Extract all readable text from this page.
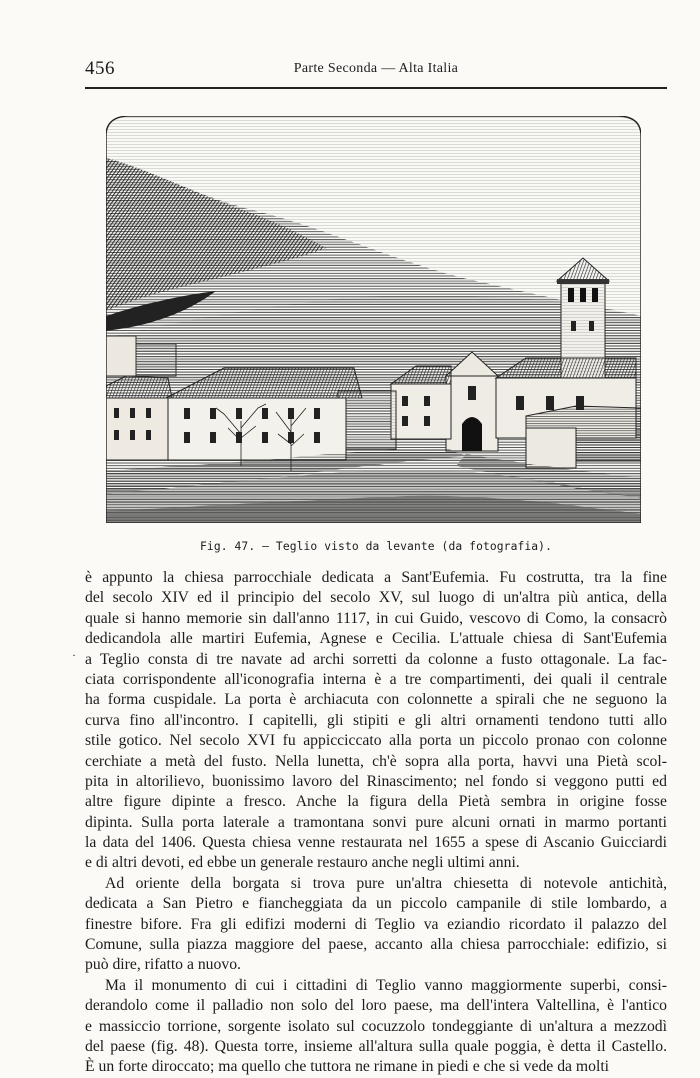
456	Parte Seconda — Alta Italia
Fig. 47. — Teglio visto da levante (da fotografia).
·
è appunto la chiesa parrocchiale dedicata a Sant'Eufemia. Fu costrutta, tra la fine
del secolo XIV ed il principio del secolo XV, sul luogo di un'altra più antica, della
quale si hanno memorie sin dall'anno 1117, in cui Guido, vescovo di Como, la consacrò
dedicandola alle martiri Eufemia, Agnese e Cecilia. L'attuale chiesa di Sant'Eufemia
a Teglio consta di tre navate ad archi sorretti da colonne a fusto ottagonale. La fac-
ciata corrispondente all'iconografia interna è a tre compartimenti, dei quali il centrale
ha forma cuspidale. La porta è archiacuta con colonnette a spirali che ne seguono la
curva fino all'incontro. I capitelli, gli stipiti e gli altri ornamenti tendono tutti allo
stile gotico. Nel secolo XVI fu appicciccato alla porta un piccolo pronao con colonne
cerchiate a metà del fusto. Nella lunetta, ch'è sopra alla porta, havvi una Pietà scol-
pita in altorilievo, buonissimo lavoro del Rinascimento; nel fondo si veggono putti ed
altre figure dipinte a fresco. Anche la figura della Pietà sembra in origine fosse
dipinta. Sulla porta laterale a tramontana sonvi pure alcuni ornati in marmo portanti
la data del 1406. Questa chiesa venne restaurata nel 1655 a spese di Ascanio Guicciardi
e di altri devoti, ed ebbe un generale restauro anche negli ultimi anni.
Ad oriente della borgata si trova pure un'altra chiesetta di notevole antichità,
dedicata a San Pietro e fiancheggiata da un piccolo campanile di stile lombardo, a
finestre bifore. Fra gli edifizi moderni di Teglio va eziandio ricordato il palazzo del
Comune, sulla piazza maggiore del paese, accanto alla chiesa parrocchiale: edifizio, si
può dire, rifatto a nuovo.
Ma il monumento di cui i cittadini di Teglio vanno maggiormente superbi, consi-
derandolo come il palladio non solo del loro paese, ma dell'intera Valtellina, è l'antico
e massiccio torrione, sorgente isolato sul cocuzzolo tondeggiante di un'altura a mezzodì
del paese (fig. 48). Questa torre, insieme all'altura sulla quale poggia, è detta il Castello.
È un forte diroccato; ma quello che tuttora ne rimane in piedi e che si vede da molti
